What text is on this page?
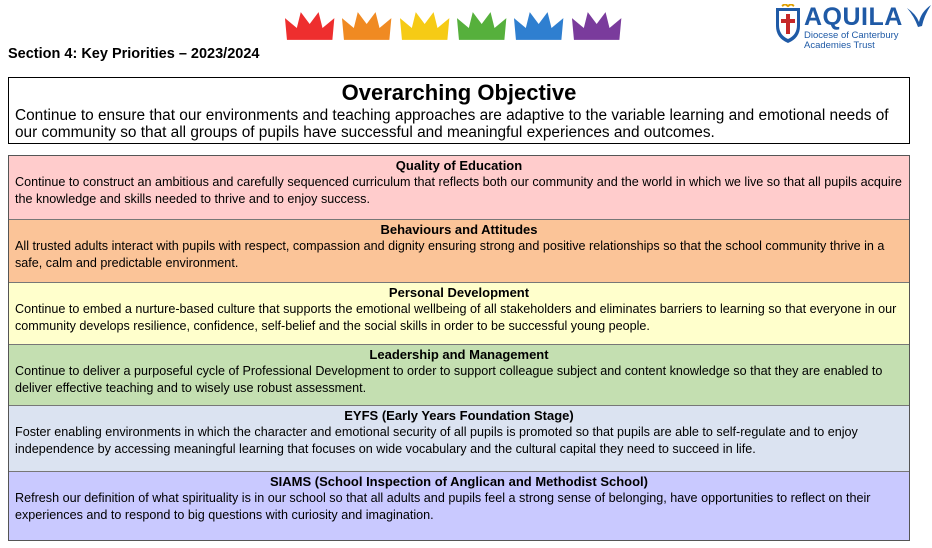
AQUILA
Diocese of Canterbury
Academies Trust
Section 4: Key Priorities – 2023/2024
Overarching Objective

Continue to ensure that our environments and teaching approaches are adaptive to the variable learning and emotional needs of our community so that all groups of pupils have successful and meaningful experiences and outcomes.

Quality of Education

Continue to construct an ambitious and carefully sequenced curriculum that reflects both our community and the world in which we live so that all pupils acquire the knowledge and skills needed to thrive and to enjoy success.

Behaviours and Attitudes

All trusted adults interact with pupils with respect, compassion and dignity ensuring strong and positive relationships so that the school community thrive in a safe, calm and predictable environment.

Personal Development

Continue to embed a nurture-based culture that supports the emotional wellbeing of all stakeholders and eliminates barriers to learning so that everyone in our community develops resilience, confidence, self-belief and the social skills in order to be successful young people.

Leadership and Management

Continue to deliver a purposeful cycle of Professional Development to order to support colleague subject and content knowledge so that they are enabled to deliver effective teaching and to wisely use robust assessment.

EYFS (Early Years Foundation Stage)

Foster enabling environments in which the character and emotional security of all pupils is promoted so that pupils are able to self-regulate and to enjoy independence by accessing meaningful learning that focuses on wide vocabulary and the cultural capital they need to succeed in life.

SIAMS (School Inspection of Anglican and Methodist School)

Refresh our definition of what spirituality is in our school so that all adults and pupils feel a strong sense of belonging, have opportunities to reflect on their experiences and to respond to big questions with curiosity and imagination.
